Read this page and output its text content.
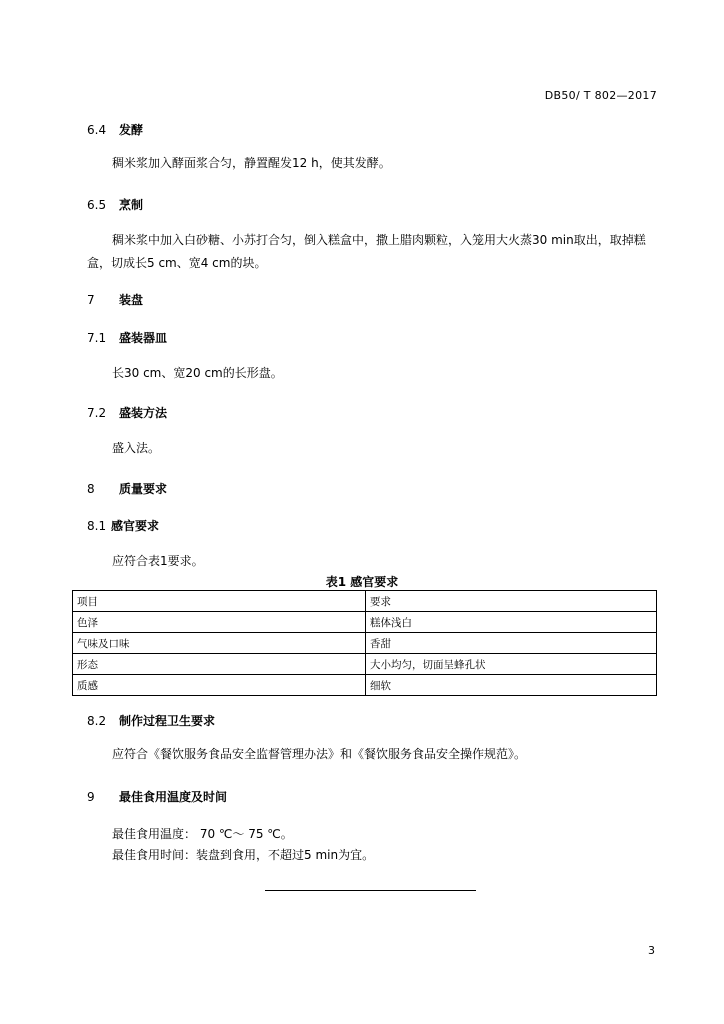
DB50/ T 802—2017
6.4 发酵
稠米浆加入酵面浆合匀，静置醒发12 h，使其发酵。
6.5 烹制
稠米浆中加入白砂糖、小苏打合匀，倒入糕盒中，撒上腊肉颗粒，入笼用大火蒸30 min取出，取掉糕盒，切成长5 cm、宽4 cm的块。
7 装盘
7.1 盛装器皿
长30 cm、宽20 cm的长形盘。
7.2 盛装方法
盛入法。
8 质量要求
8.1 感官要求
应符合表1要求。
表1 感官要求
项目	要求
色泽	糕体浅白
气味及口味	香甜
形态	大小均匀，切面呈蜂孔状
质感	细软
8.2 制作过程卫生要求
应符合《餐饮服务食品安全监督管理办法》和《餐饮服务食品安全操作规范》。
9 最佳食用温度及时间
最佳食用温度： 70 ℃～ 75 ℃。
最佳食用时间：装盘到食用，不超过5 min为宜。
3
